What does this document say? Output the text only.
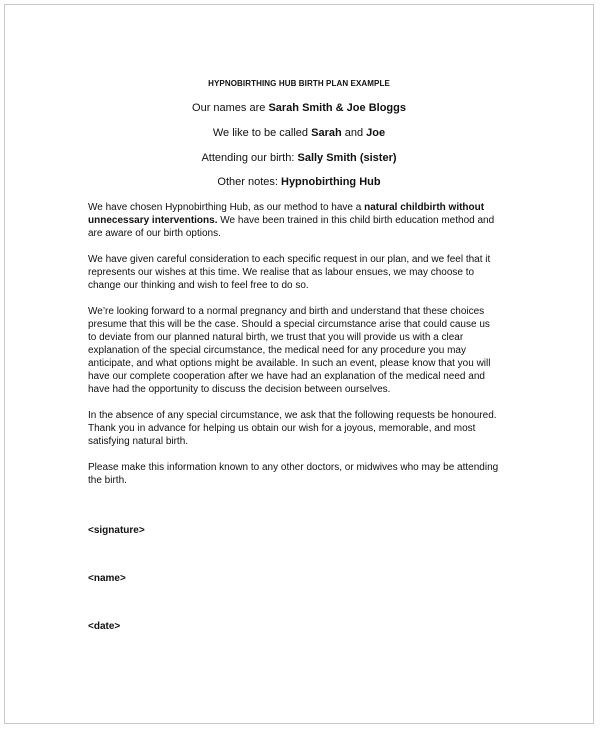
HYPNOBIRTHING HUB BIRTH PLAN EXAMPLE
Our names are Sarah Smith & Joe Bloggs
We like to be called Sarah and Joe
Attending our birth: Sally Smith (sister)
Other notes: Hypnobirthing Hub
We have chosen Hypnobirthing Hub, as our method to have a natural childbirth without
unnecessary interventions. We have been trained in this child birth education method and
are aware of our birth options.
We have given careful consideration to each specific request in our plan, and we feel that it
represents our wishes at this time. We realise that as labour ensues, we may choose to
change our thinking and wish to feel free to do so.
We’re looking forward to a normal pregnancy and birth and understand that these choices
presume that this will be the case. Should a special circumstance arise that could cause us
to deviate from our planned natural birth, we trust that you will provide us with a clear
explanation of the special circumstance, the medical need for any procedure you may
anticipate, and what options might be available. In such an event, please know that you will
have our complete cooperation after we have had an explanation of the medical need and
have had the opportunity to discuss the decision between ourselves.
In the absence of any special circumstance, we ask that the following requests be honoured.
Thank you in advance for helping us obtain our wish for a joyous, memorable, and most
satisfying natural birth.
Please make this information known to any other doctors, or midwives who may be attending
the birth.
<signature>
<name>
<date>
